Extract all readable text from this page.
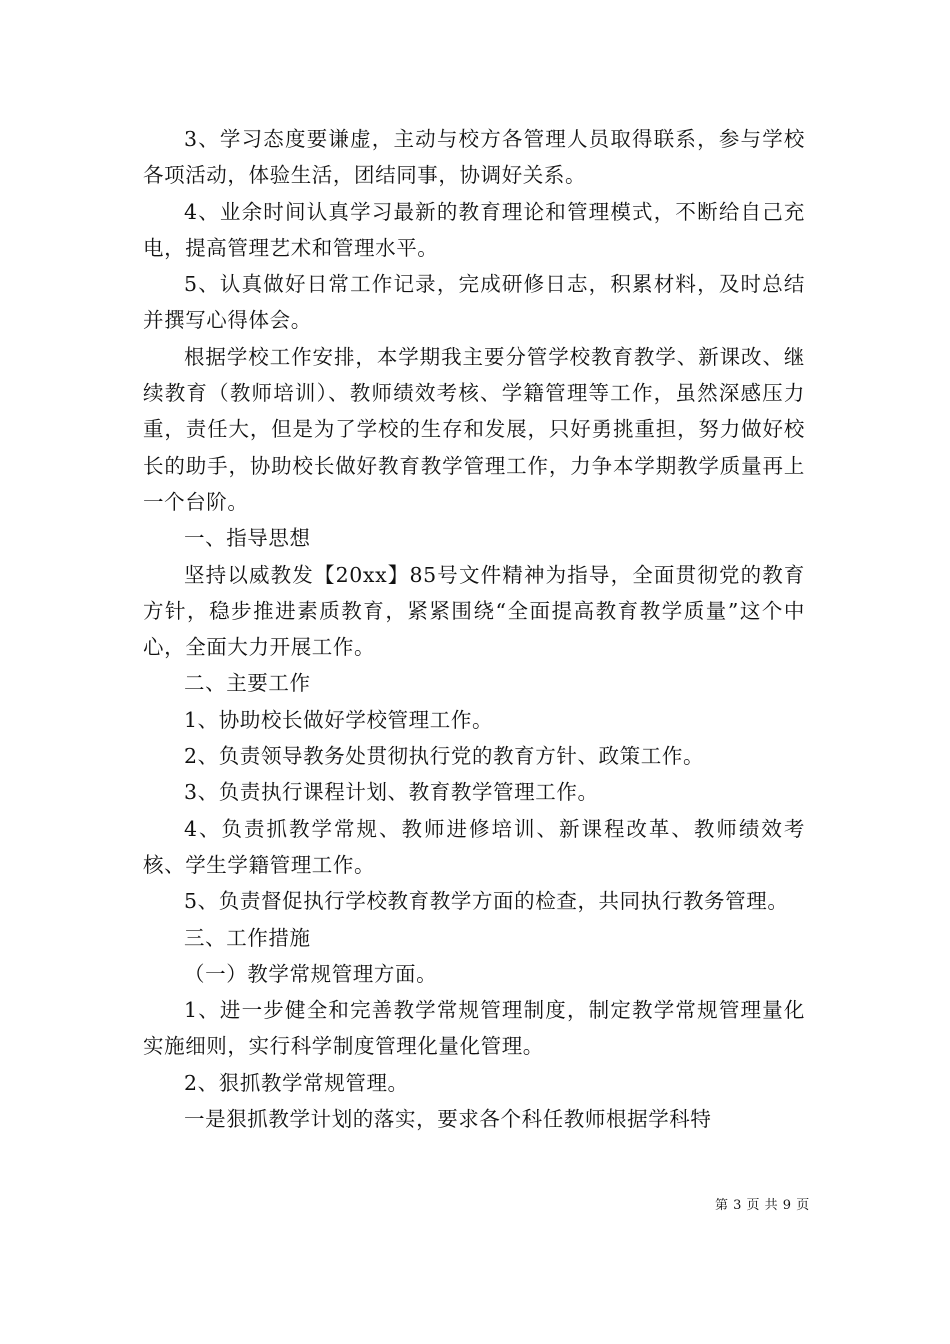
3、学习态度要谦虚，主动与校方各管理人员取得联系，参与学校各项活动，体验生活，团结同事，协调好关系。

4、业余时间认真学习最新的教育理论和管理模式，不断给自己充电，提高管理艺术和管理水平。

5、认真做好日常工作记录，完成研修日志，积累材料，及时总结并撰写心得体会。

根据学校工作安排，本学期我主要分管学校教育教学、新课改、继续教育（教师培训）、教师绩效考核、学籍管理等工作，虽然深感压力重，责任大，但是为了学校的生存和发展，只好勇挑重担，努力做好校长的助手，协助校长做好教育教学管理工作，力争本学期教学质量再上一个台阶。

一、指导思想

坚持以威教发【20xx】85号文件精神为指导，全面贯彻党的教育方针，稳步推进素质教育，紧紧围绕“全面提高教育教学质量”这个中心，全面大力开展工作。

二、主要工作

1、协助校长做好学校管理工作。

2、负责领导教务处贯彻执行党的教育方针、政策工作。

3、负责执行课程计划、教育教学管理工作。

4、负责抓教学常规、教师进修培训、新课程改革、教师绩效考核、学生学籍管理工作。

5、负责督促执行学校教育教学方面的检查，共同执行教务管理。

三、工作措施

（一）教学常规管理方面。

1、进一步健全和完善教学常规管理制度，制定教学常规管理量化实施细则，实行科学制度管理化量化管理。

2、狠抓教学常规管理。

一是狠抓教学计划的落实，要求各个科任教师根据学科特

第 3 页 共 9 页
